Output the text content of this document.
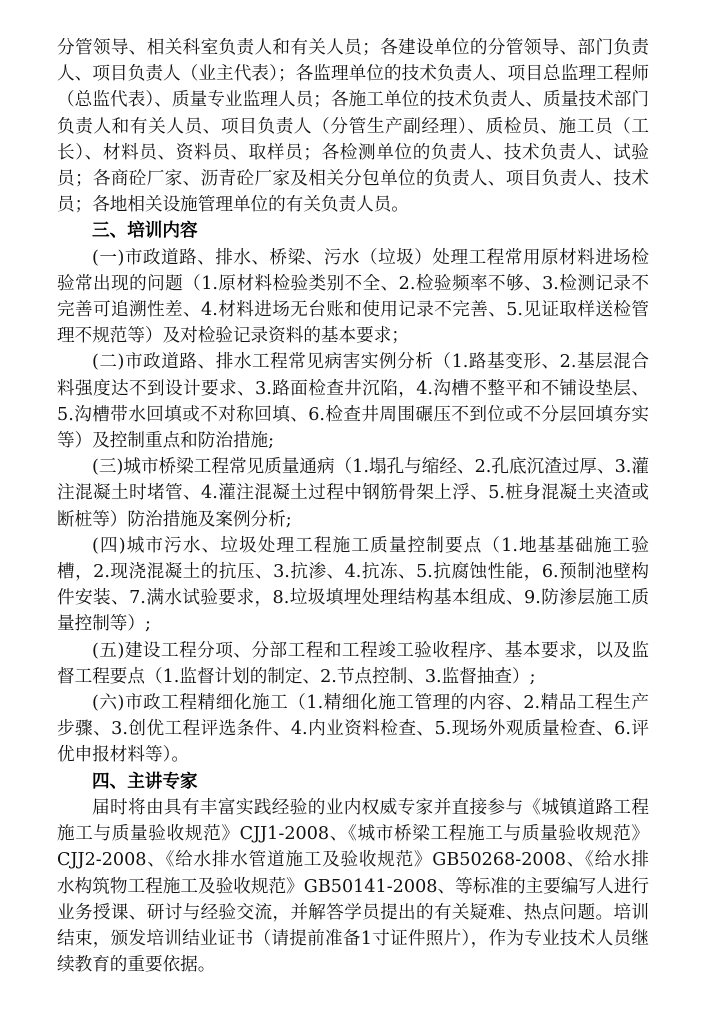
分管领导、相关科室负责人和有关人员；各建设单位的分管领导、部门负责人、项目负责人（业主代表）；各监理单位的技术负责人、项目总监理工程师（总监代表）、质量专业监理人员；各施工单位的技术负责人、质量技术部门负责人和有关人员、项目负责人（分管生产副经理）、质检员、施工员（工长）、材料员、资料员、取样员；各检测单位的负责人、技术负责人、试验员；各商砼厂家、沥青砼厂家及相关分包单位的负责人、项目负责人、技术员；各地相关设施管理单位的有关负责人员。

三、培训内容

(一)市政道路、排水、桥梁、污水（垃圾）处理工程常用原材料进场检验常出现的问题（1.原材料检验类别不全、2.检验频率不够、3.检测记录不完善可追溯性差、4.材料进场无台账和使用记录不完善、5.见证取样送检管理不规范等）及对检验记录资料的基本要求；

(二)市政道路、排水工程常见病害实例分析（1.路基变形、2.基层混合料强度达不到设计要求、3.路面检查井沉陷，4.沟槽不整平和不铺设垫层、5.沟槽带水回填或不对称回填、6.检查井周围碾压不到位或不分层回填夯实等）及控制重点和防治措施;

(三)城市桥梁工程常见质量通病（1.塌孔与缩经、2.孔底沉渣过厚、3.灌注混凝土时堵管、4.灌注混凝土过程中钢筋骨架上浮、5.桩身混凝土夹渣或断桩等）防治措施及案例分析;

(四)城市污水、垃圾处理工程施工质量控制要点（1.地基基础施工验槽，2.现浇混凝土的抗压、3.抗渗、4.抗冻、5.抗腐蚀性能，6.预制池壁构件安装、7.满水试验要求，8.垃圾填埋处理结构基本组成、9.防渗层施工质量控制等）;

(五)建设工程分项、分部工程和工程竣工验收程序、基本要求，以及监督工程要点（1.监督计划的制定、2.节点控制、3.监督抽查）;

(六)市政工程精细化施工（1.精细化施工管理的内容、2.精品工程生产步骤、3.创优工程评选条件、4.内业资料检查、5.现场外观质量检查、6.评优申报材料等）。

四、主讲专家

届时将由具有丰富实践经验的业内权威专家并直接参与《城镇道路工程施工与质量验收规范》CJJ1-2008、《城市桥梁工程施工与质量验收规范》CJJ2-2008、《给水排水管道施工及验收规范》GB50268-2008、《给水排水构筑物工程施工及验收规范》GB50141-2008、等标准的主要编写人进行业务授课、研讨与经验交流，并解答学员提出的有关疑难、热点问题。培训结束，颁发培训结业证书（请提前准备1寸证件照片），作为专业技术人员继续教育的重要依据。
